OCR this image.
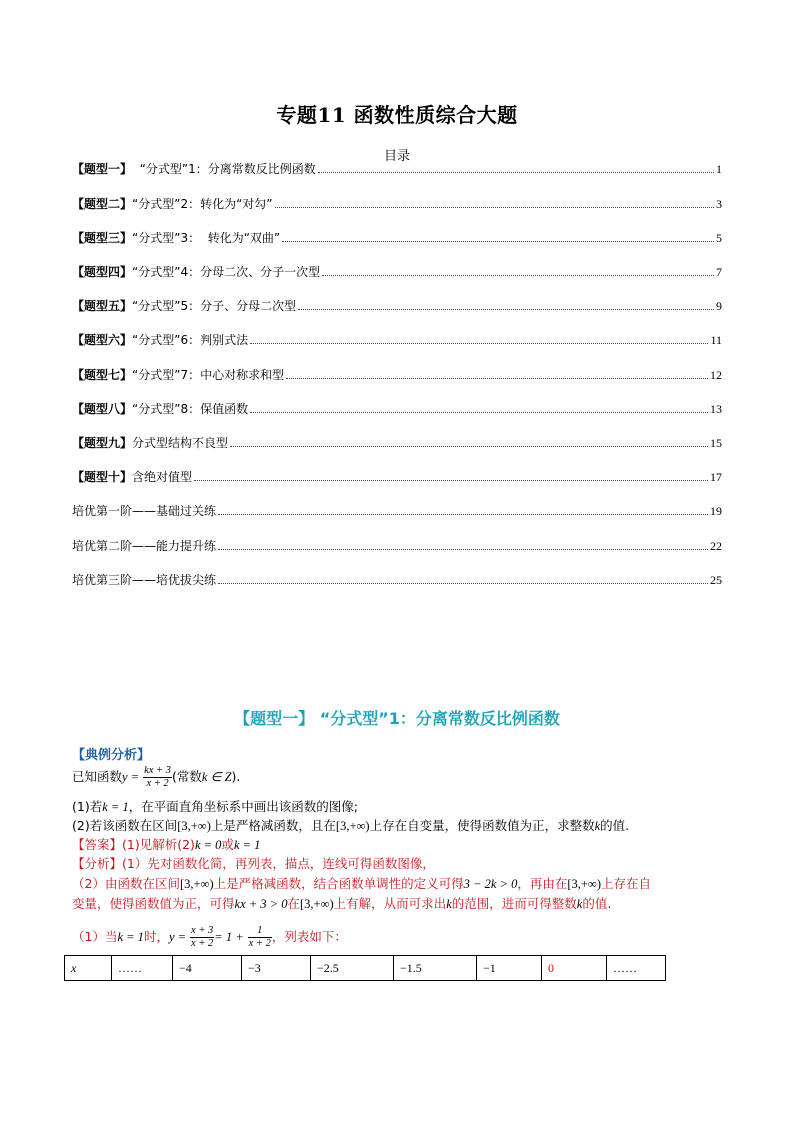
专题11 函数性质综合大题
目录
【题型一】  “分式型”1：分离常数反比例函数	1
【题型二】“分式型”2：转化为“对勾”	3
【题型三】“分式型”3：  转化为“双曲”	5
【题型四】“分式型”4：分母二次、分子一次型	7
【题型五】“分式型”5：分子、分母二次型	9
【题型六】“分式型”6：判别式法	11
【题型七】“分式型”7：中心对称求和型	12
【题型八】“分式型”8：保值函数	13
【题型九】分式型结构不良型	15
【题型十】含绝对值型	17
培优第一阶——基础过关练	19
培优第二阶——能力提升练	22
培优第三阶——培优拔尖练	25
【题型一】 “分式型”1：分离常数反比例函数
【典例分析】
已知函数$y = \frac{kx + 3}{x + 2}$ (常数k ∈ Z).
(1)若k = 1，在平面直角坐标系中画出该函数的图像;
(2)若该函数在区间[3,+∞)上是严格减函数，且在[3,+∞)上存在自变量，使得函数值为正，求整数k的值.
【答案】(1)见解析(2)k = 0或k = 1
【分析】(1）先对函数化简，再列表，描点，连线可得函数图像，
（2）由函数在区间[3,+∞)上是严格减函数，结合函数单调性的定义可得3 − 2k > 0，再由在[3,+∞)上存在自
变量，使得函数值为正，可得kx + 3 > 0在[3,+∞)上有解，从而可求出k的范围，进而可得整数k的值.
（1）当k = 1时，$y = \frac{x + 3}{x + 2} = 1 + \frac{1}{x + 2}$ ，列表如下：
x	……	−4	−3	−2.5	−1.5	−1	0	……
